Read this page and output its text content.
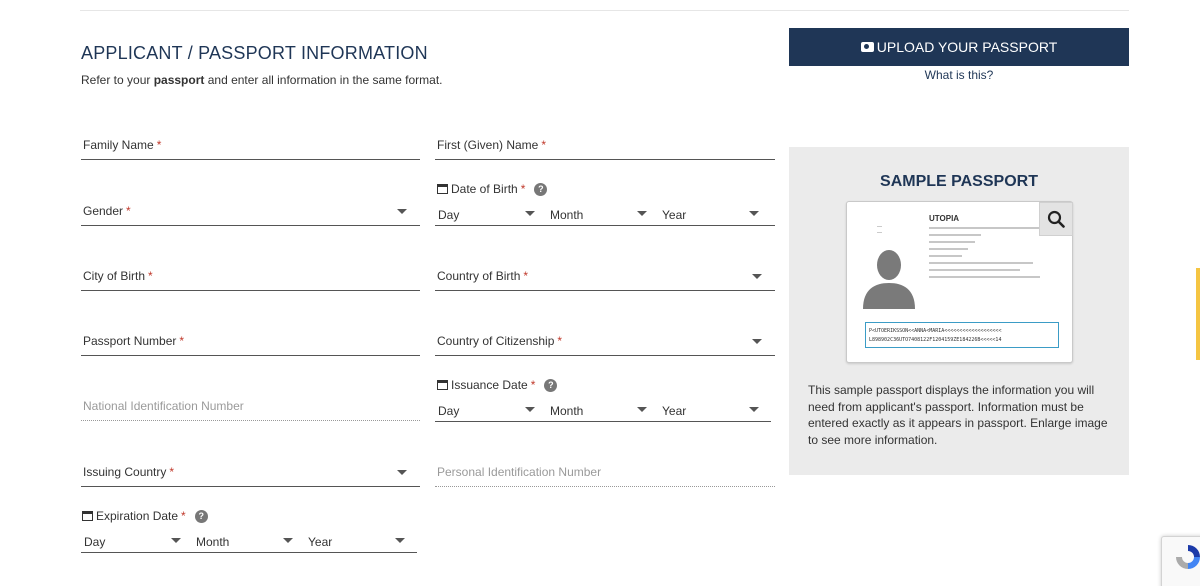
APPLICANT / PASSPORT INFORMATION
Refer to your passport and enter all information in the same format.
Family Name *	First (Given) Name *
Gender *
Date of Birth *	?
Day	Month	Year
City of Birth *	Country of Birth *
Passport Number *	Country of Citizenship *
National Identification Number
Issuance Date *	?
Day	Month	Year
Issuing Country *	Personal Identification Number
Expiration Date *	?
Day	Month	Year
UPLOAD YOUR PASSPORT
What is this?
SAMPLE PASSPORT
—
—
UTOPIA
P<UTOERIKSSON<<ANNA<MARIA<<<<<<<<<<<<<<<<<<<
L898902C36UTO7408122F1204159ZE184226B<<<<<14
This sample passport displays the information you will need from applicant's passport. Information must be entered exactly as it appears in passport. Enlarge image to see more information.
